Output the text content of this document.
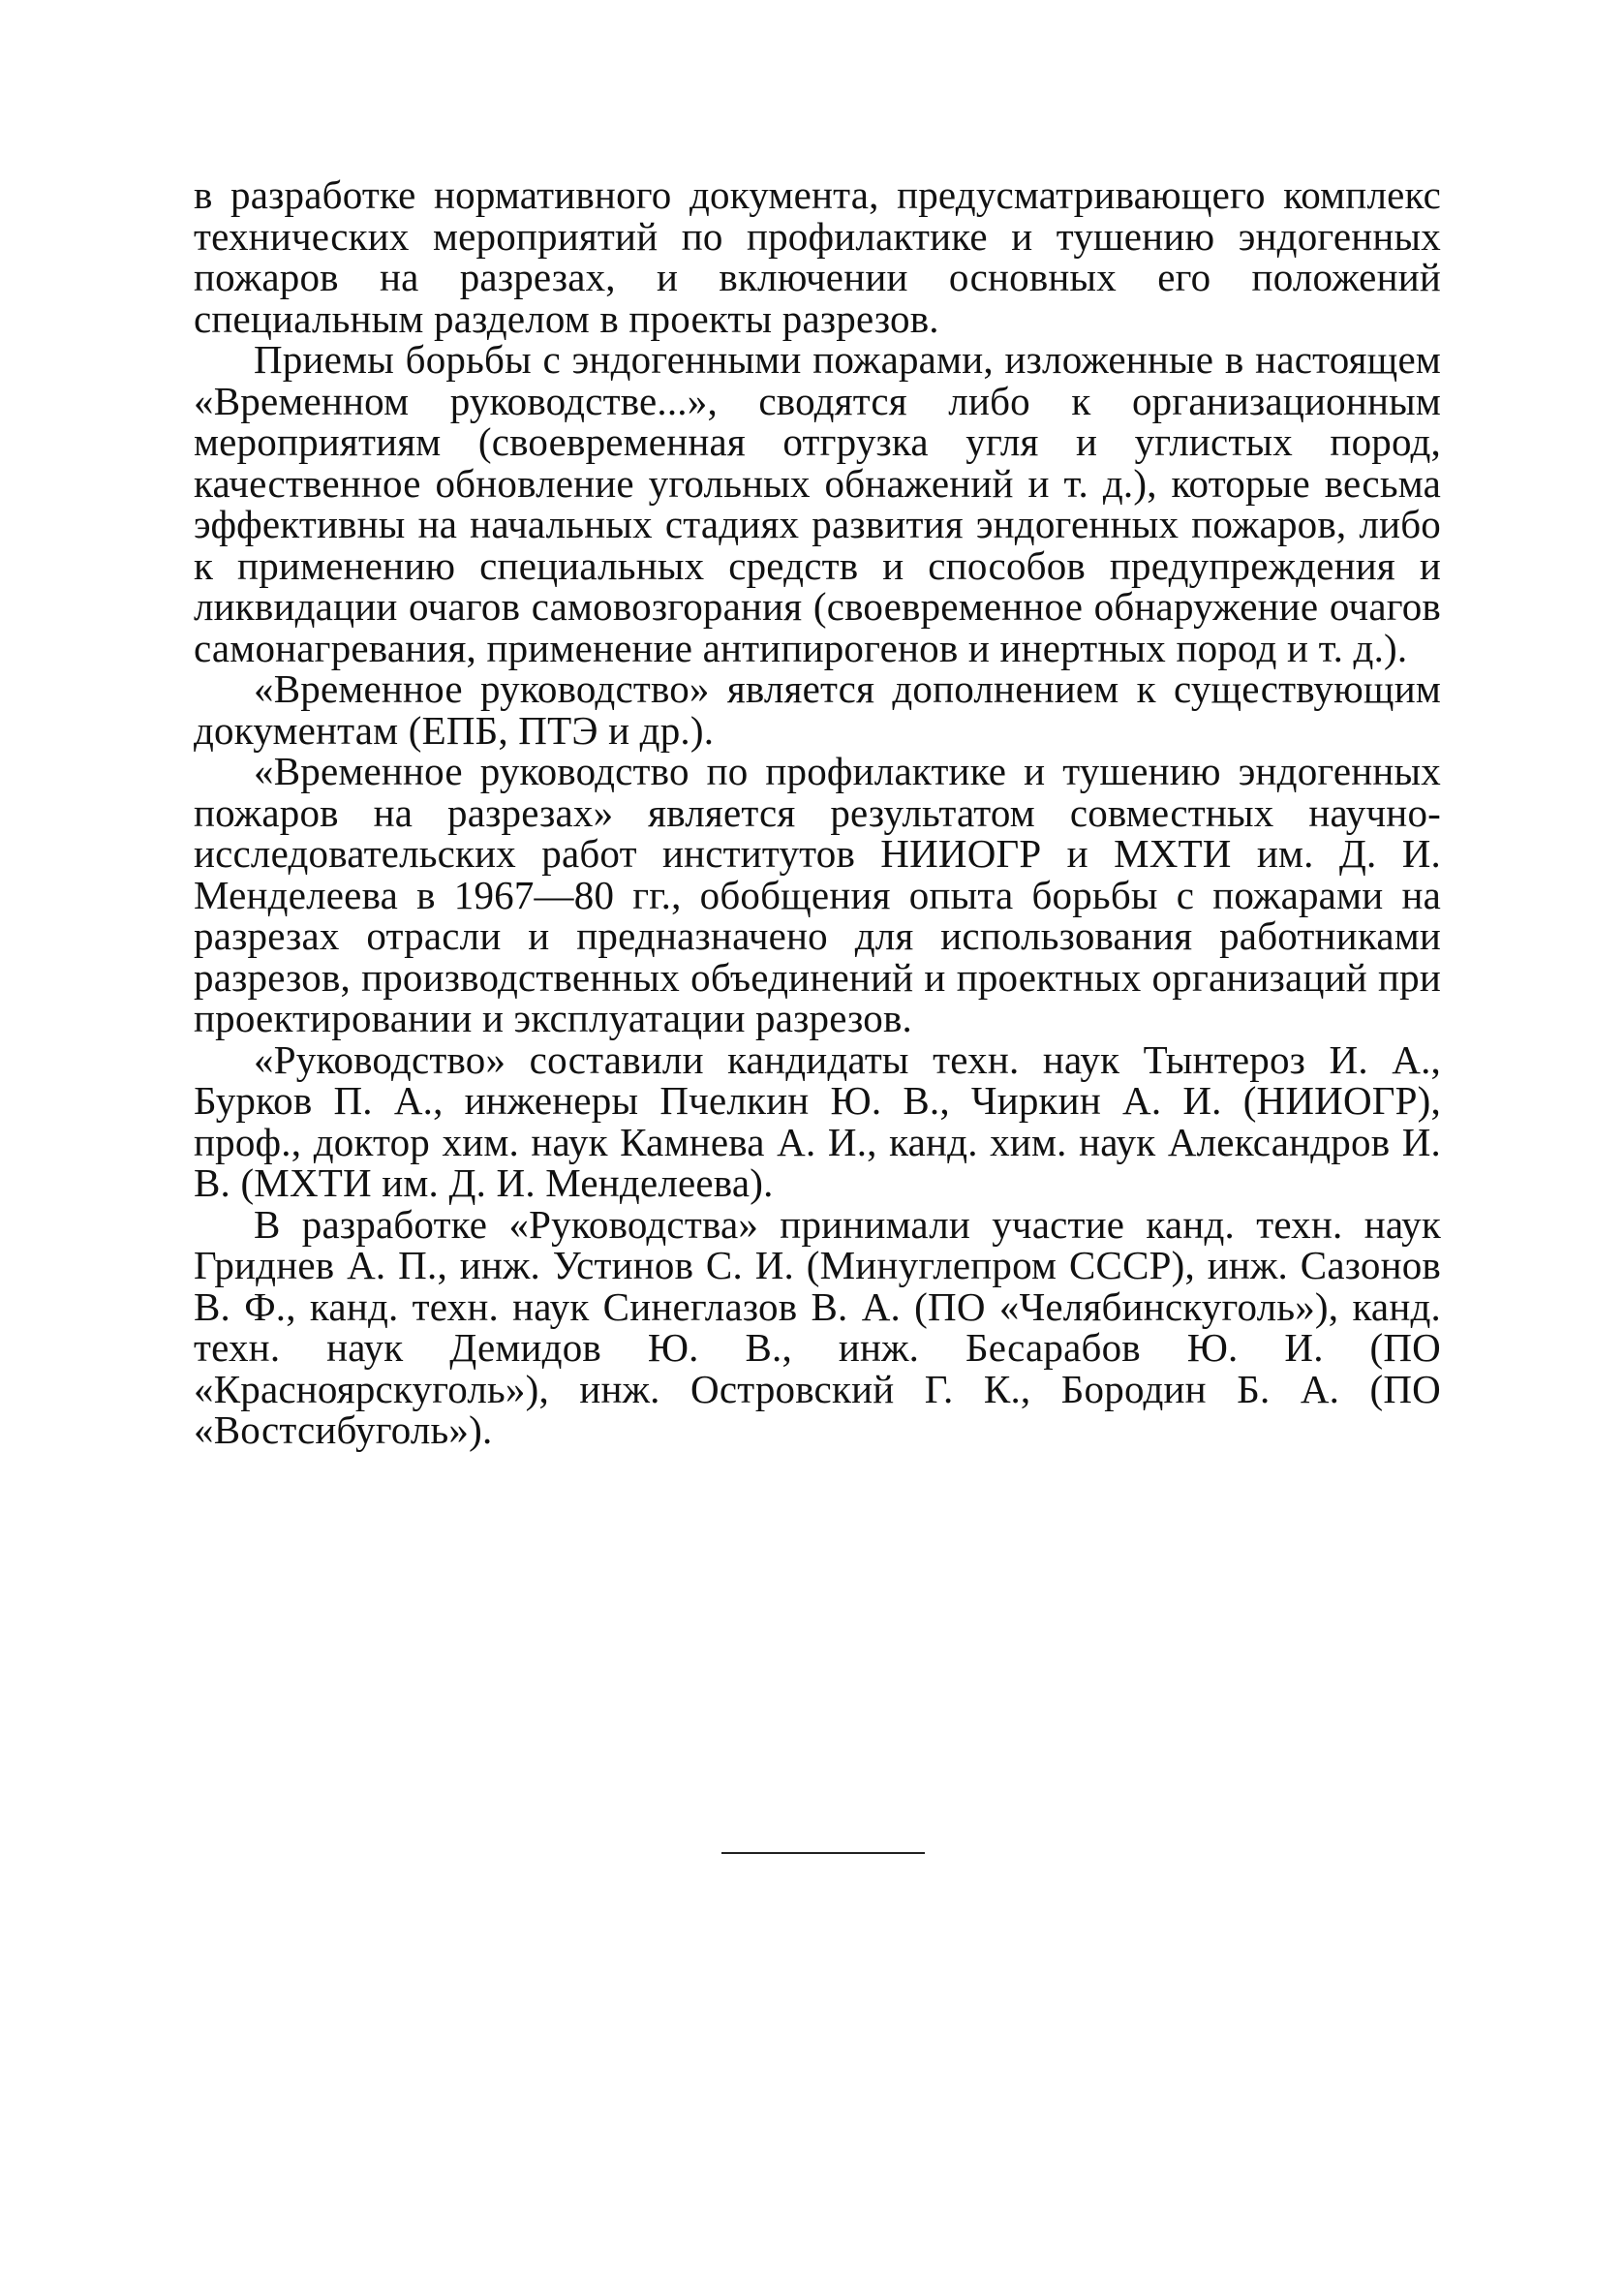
в разработке нормативного документа, предусматривающего комплекс технических мероприятий по профилактике и тушению эндогенных пожаров на разрезах, и включении основных его положений специальным разделом в проекты разрезов.

Приемы борьбы с эндогенными пожарами, изложенные в настоящем «Временном руководстве...», сводятся либо к организационным мероприятиям (своевременная отгрузка угля и углистых пород, качественное обновление угольных обнажений и т. д.), которые весьма эффективны на начальных стадиях развития эндогенных пожаров, либо к применению специальных средств и способов предупреждения и ликвидации очагов самовозгорания (своевременное обнаружение очагов самонагревания, применение антипирогенов и инертных пород и т. д.).

«Временное руководство» является дополнением к существующим документам (ЕПБ, ПТЭ и др.).

«Временное руководство по профилактике и тушению эндогенных пожаров на разрезах» является результатом совместных научно-исследовательских работ институтов НИИОГР и МХТИ им. Д. И. Менделеева в 1967—80 гг., обобщения опыта борьбы с пожарами на разрезах отрасли и предназначено для использования работниками разрезов, производственных объединений и проектных организаций при проектировании и эксплуатации разрезов.

«Руководство» составили кандидаты техн. наук Тынтероз И. А., Бурков П. А., инженеры Пчелкин Ю. В., Чиркин А. И. (НИИОГР), проф., доктор хим. наук Камнева А. И., канд. хим. наук Александров И. В. (МХТИ им. Д. И. Менделеева).

В разработке «Руководства» принимали участие канд. техн. наук Гриднев А. П., инж. Устинов С. И. (Минуглепром СССР), инж. Сазонов В. Ф., канд. техн. наук Синеглазов В. А. (ПО «Челябинскуголь»), канд. техн. наук Демидов Ю. В., инж. Бесарабов Ю. И. (ПО «Красноярскуголь»), инж. Островский Г. К., Бородин Б. А. (ПО «Востсибуголь»).
